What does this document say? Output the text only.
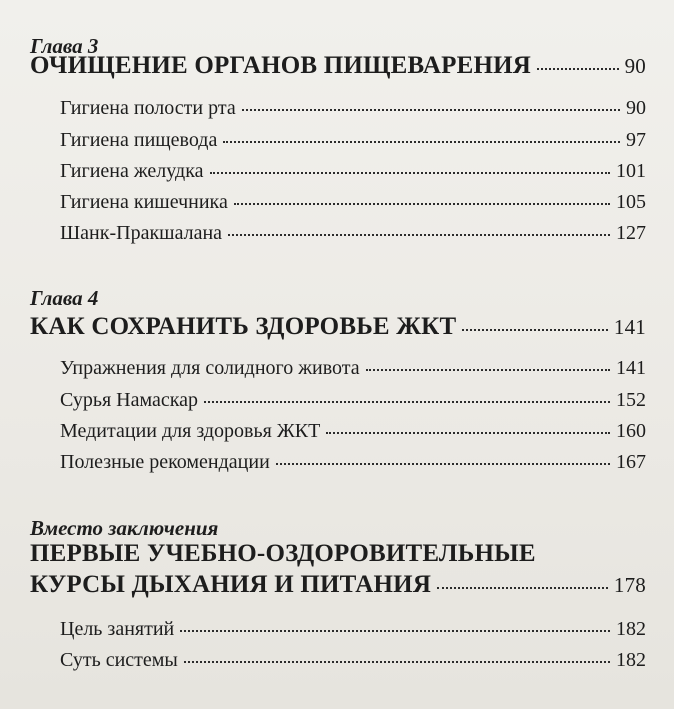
Глава 3
ОЧИЩЕНИЕ ОРГАНОВ ПИЩЕВАРЕНИЯ	90
Гигиена полости рта	90
Гигиена пищевода	97
Гигиена желудка	101
Гигиена кишечника	105
Шанк-Пракшалана	127
Глава 4
КАК СОХРАНИТЬ ЗДОРОВЬЕ ЖКТ	141
Упражнения для солидного живота	141
Сурья Намаскар	152
Медитации для здоровья ЖКТ	160
Полезные рекомендации	167
Вместо заключения
ПЕРВЫЕ УЧЕБНО-ОЗДОРОВИТЕЛЬНЫЕ
КУРСЫ ДЫХАНИЯ И ПИТАНИЯ	178
Цель занятий	182
Суть системы	182
